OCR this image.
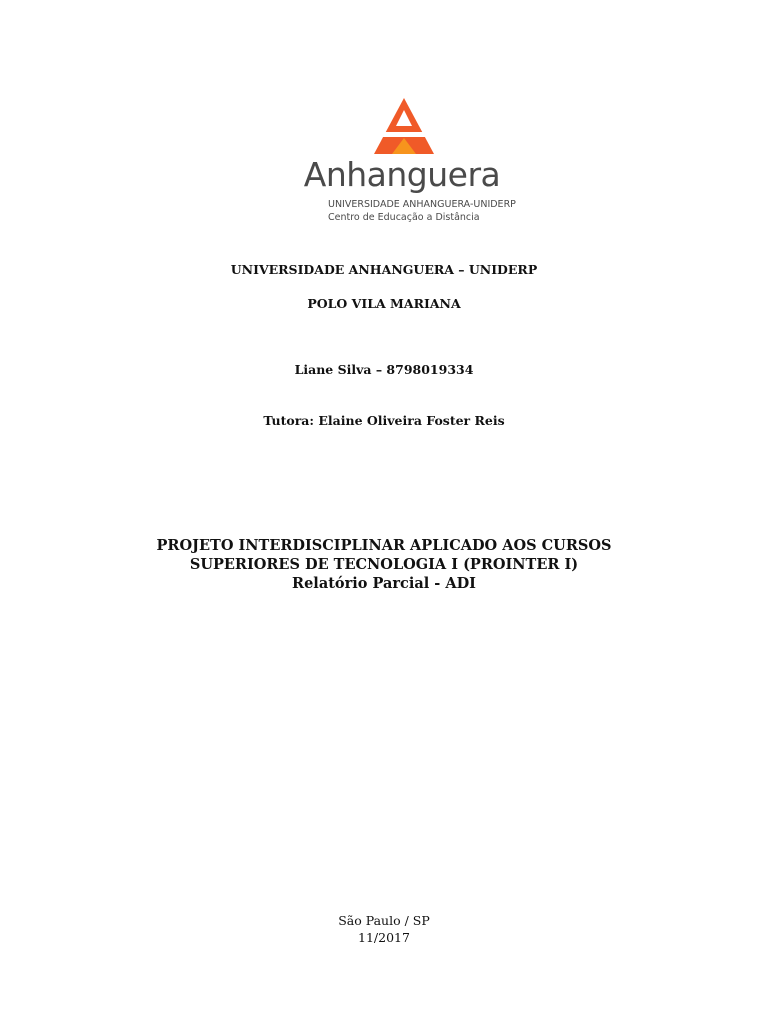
Anhanguera
UNIVERSIDADE ANHANGUERA-UNIDERP
Centro de Educação a Distância
UNIVERSIDADE ANHANGUERA – UNIDERP
POLO VILA MARIANA
Liane Silva – 8798019334
Tutora: Elaine Oliveira Foster Reis
PROJETO INTERDISCIPLINAR APLICADO AOS CURSOS
SUPERIORES DE TECNOLOGIA I (PROINTER I)
Relatório Parcial - ADI
São Paulo / SP
11/2017
